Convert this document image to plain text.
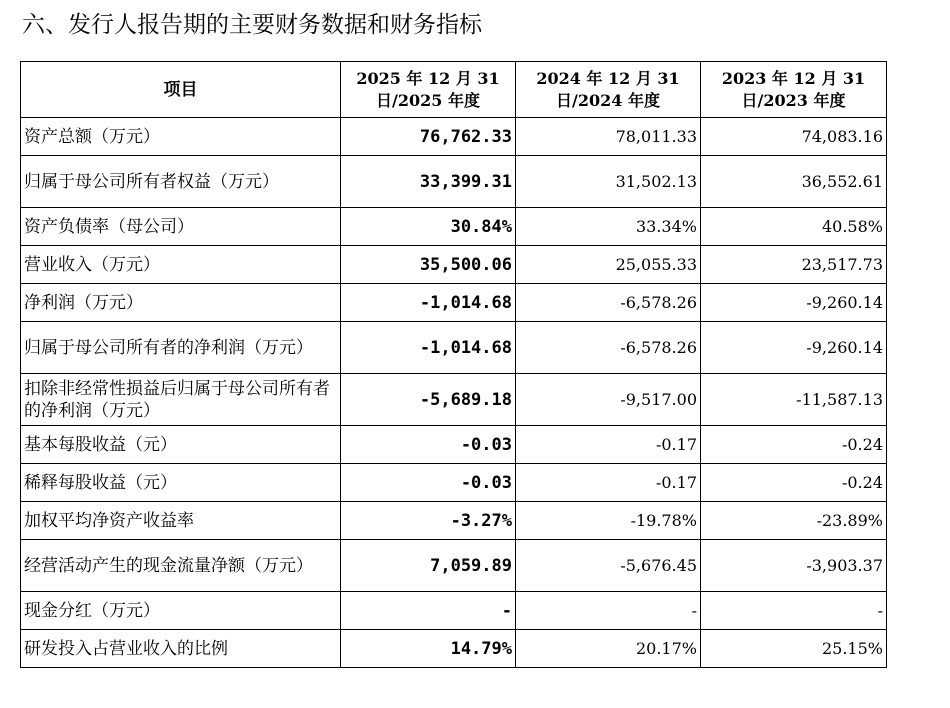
六、发行人报告期的主要财务数据和财务指标
项目	2025 年 12 月 31 日/2025 年度	2024 年 12 月 31 日/2024 年度	2023 年 12 月 31 日/2023 年度
资产总额（万元）	76,762.33	78,011.33	74,083.16
归属于母公司所有者权益（万元）	33,399.31	31,502.13	36,552.61
资产负债率（母公司）	30.84%	33.34%	40.58%
营业收入（万元）	35,500.06	25,055.33	23,517.73
净利润（万元）	-1,014.68	-6,578.26	-9,260.14
归属于母公司所有者的净利润（万元）	-1,014.68	-6,578.26	-9,260.14
扣除非经常性损益后归属于母公司所有者的净利润（万元）	-5,689.18	-9,517.00	-11,587.13
基本每股收益（元）	-0.03	-0.17	-0.24
稀释每股收益（元）	-0.03	-0.17	-0.24
加权平均净资产收益率	-3.27%	-19.78%	-23.89%
经营活动产生的现金流量净额（万元）	7,059.89	-5,676.45	-3,903.37
现金分红（万元）	-	-	-
研发投入占营业收入的比例	14.79%	20.17%	25.15%
